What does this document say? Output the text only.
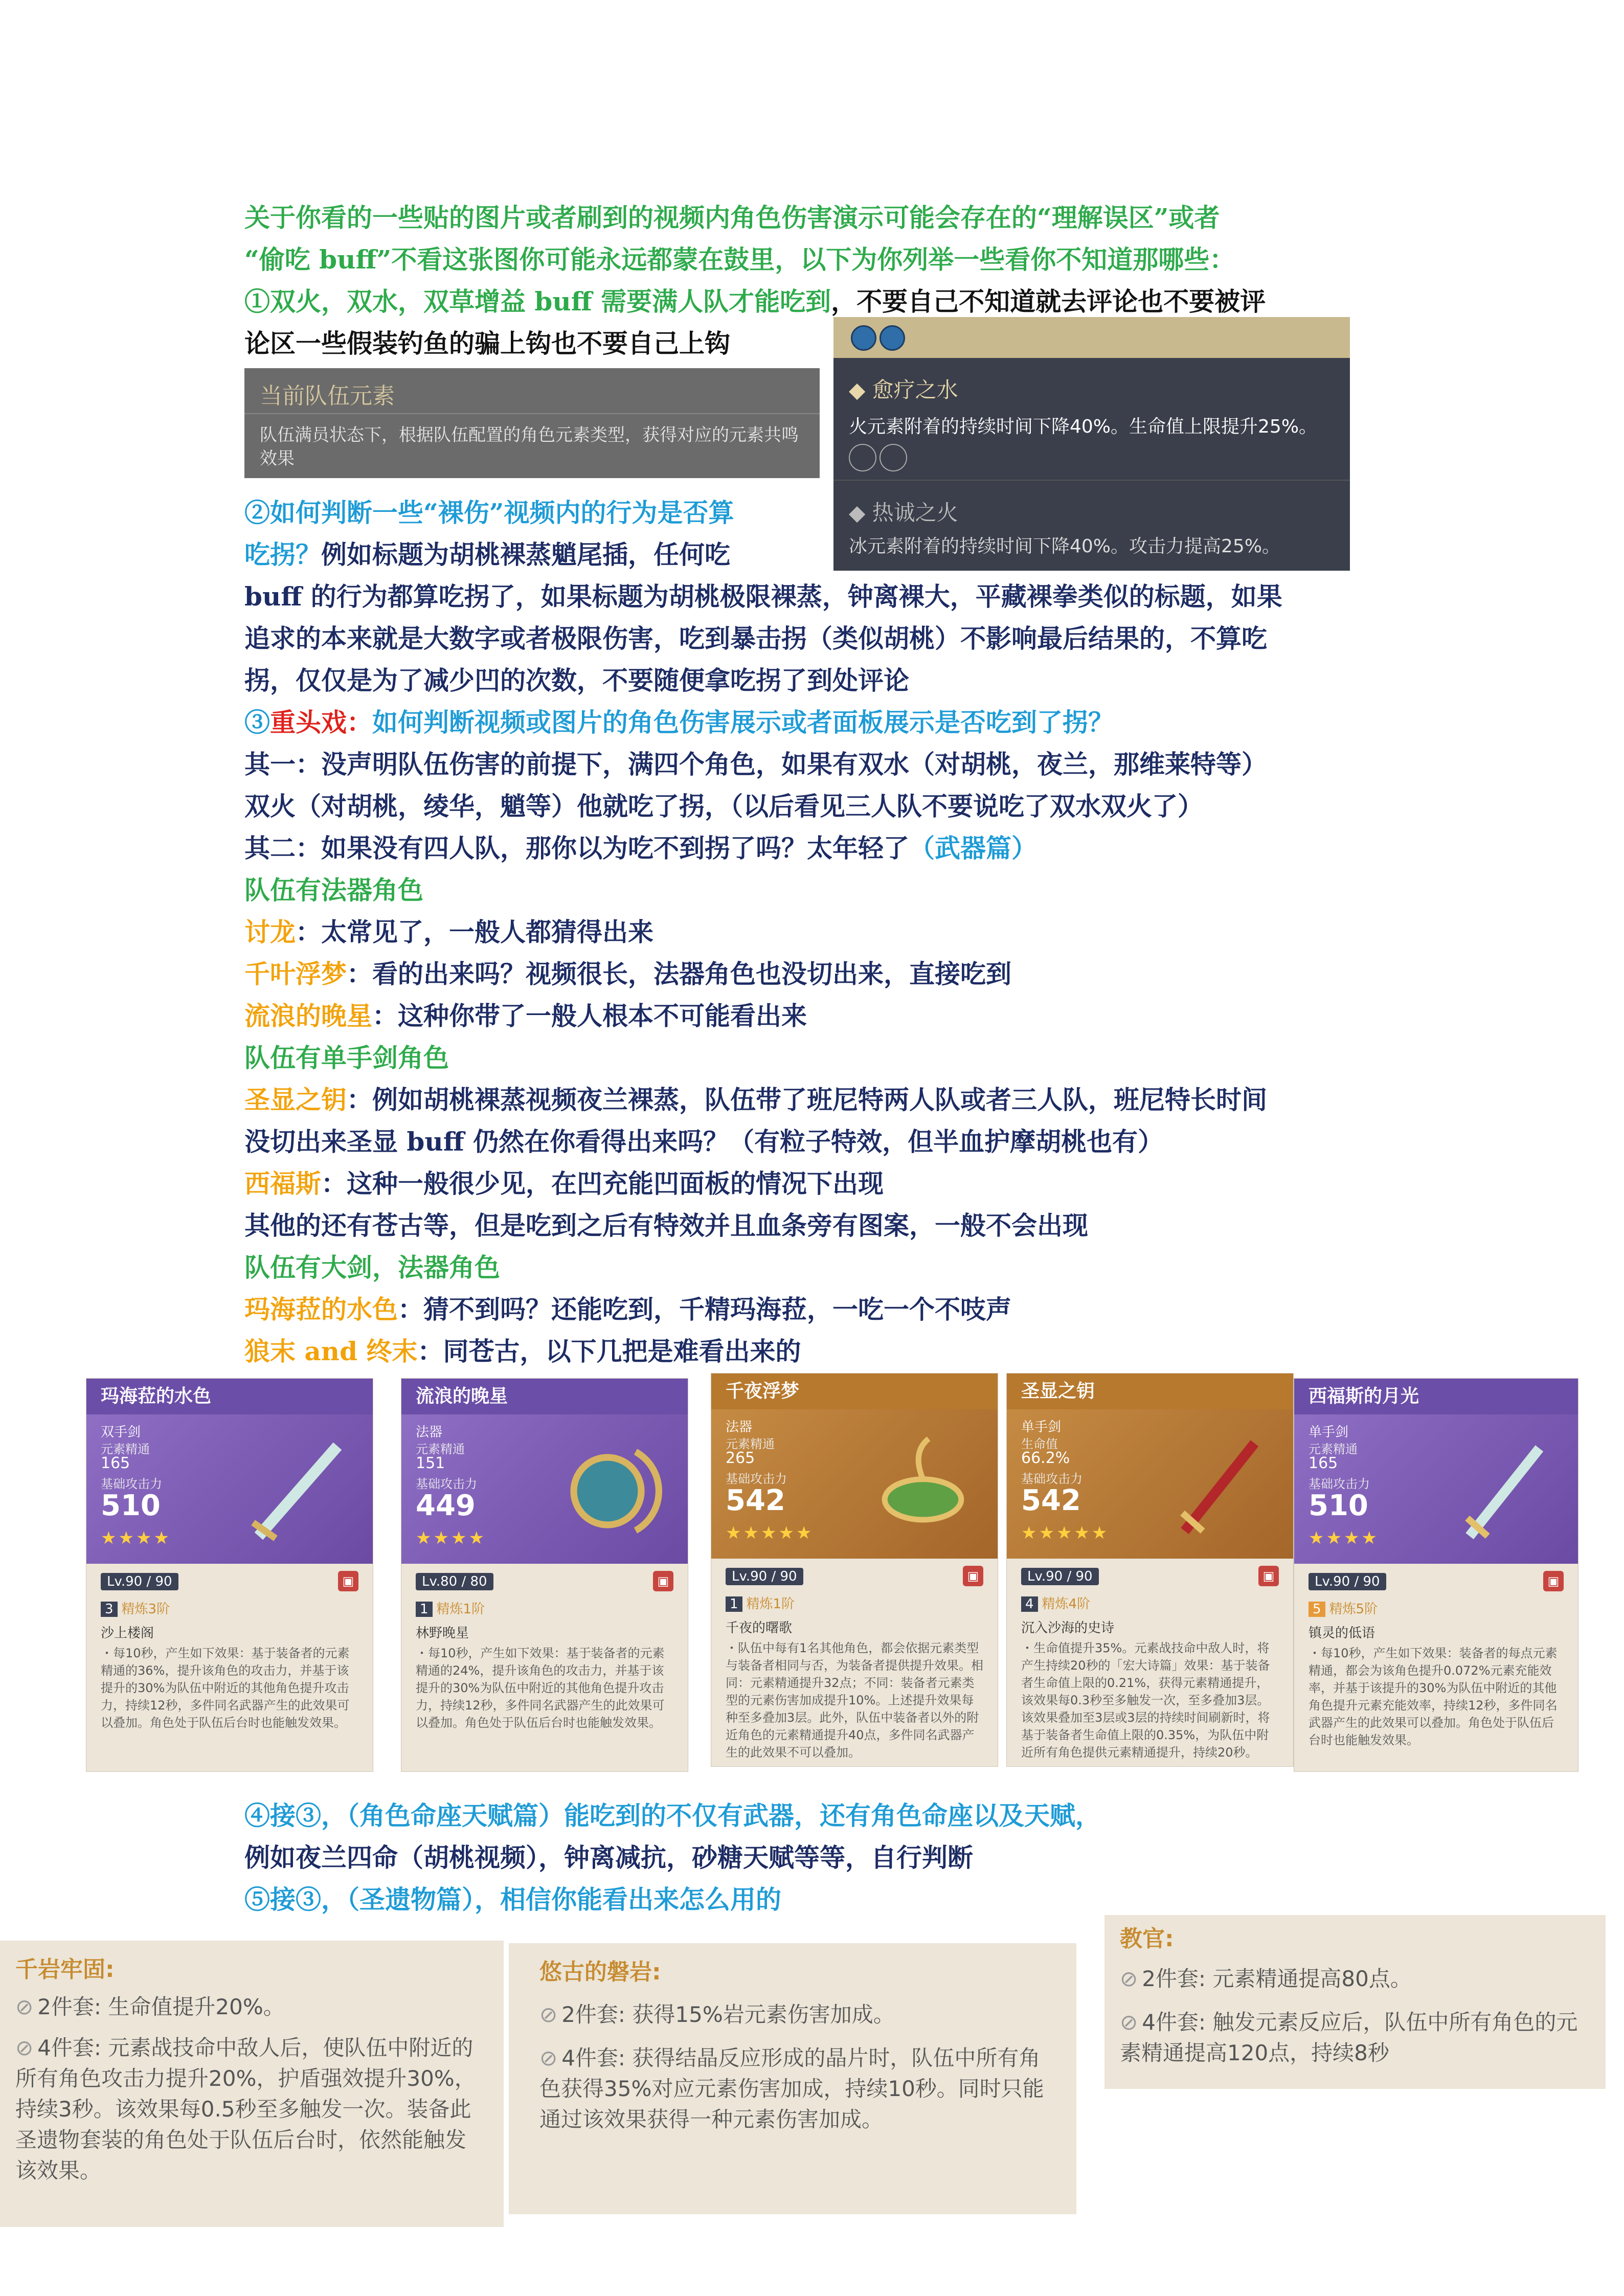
关于你看的一些贴的图片或者刷到的视频内角色伤害演示可能会存在的“理解误区”或者
“偷吃 buff”不看这张图你可能永远都蒙在鼓里，以下为你列举一些看你不知道那哪些：
①双火，双水，双草增益 buff 需要满人队才能吃到，不要自己不知道就去评论也不要被评
论区一些假装钓鱼的骗上钩也不要自己上钩
当前队伍元素
队伍满员状态下，根据队伍配置的角色元素类型，获得对应的元素共鸣效果
◆ 愈疗之水
火元素附着的持续时间下降40%。生命值上限提升25%。
◆ 热诚之火
冰元素附着的持续时间下降40%。攻击力提高25%。
②如何判断一些“裸伤”视频内的行为是否算
吃拐？例如标题为胡桃裸蒸魈尾插，任何吃
buff 的行为都算吃拐了，如果标题为胡桃极限裸蒸，钟离裸大，平藏裸拳类似的标题，如果
追求的本来就是大数字或者极限伤害，吃到暴击拐（类似胡桃）不影响最后结果的，不算吃
拐，仅仅是为了减少凹的次数，不要随便拿吃拐了到处评论
③重头戏：如何判断视频或图片的角色伤害展示或者面板展示是否吃到了拐？
其一：没声明队伍伤害的前提下，满四个角色，如果有双水（对胡桃，夜兰，那维莱特等）
双火（对胡桃，绫华，魈等）他就吃了拐，（以后看见三人队不要说吃了双水双火了）
其二：如果没有四人队，那你以为吃不到拐了吗？太年轻了（武器篇）
队伍有法器角色
讨龙：太常见了，一般人都猜得出来
千叶浮梦：看的出来吗？视频很长，法器角色也没切出来，直接吃到
流浪的晚星：这种你带了一般人根本不可能看出来
队伍有单手剑角色
圣显之钥：例如胡桃裸蒸视频夜兰裸蒸，队伍带了班尼特两人队或者三人队，班尼特长时间
没切出来圣显 buff 仍然在你看得出来吗？（有粒子特效，但半血护摩胡桃也有）
西福斯：这种一般很少见，在凹充能凹面板的情况下出现
其他的还有苍古等，但是吃到之后有特效并且血条旁有图案，一般不会出现
队伍有大剑，法器角色
玛海菈的水色：猜不到吗？还能吃到，千精玛海菈，一吃一个不吱声
狼末 and 终末：同苍古，以下几把是难看出来的
玛海菈的水色
双手剑
元素精通
165
基础攻击力
510
★★★★
Lv.90 / 90	▣
3 精炼3阶
沙上楼阁
・每10秒，产生如下效果：基于装备者的元素精通的36%，提升该角色的攻击力，并基于该提升的30%为队伍中附近的其他角色提升攻击力，持续12秒，多件同名武器产生的此效果可以叠加。角色处于队伍后台时也能触发效果。
流浪的晚星
法器
元素精通
151
基础攻击力
449
★★★★
Lv.80 / 80	▣
1 精炼1阶
林野晚星
・每10秒，产生如下效果：基于装备者的元素精通的24%，提升该角色的攻击力，并基于该提升的30%为队伍中附近的其他角色提升攻击力，持续12秒，多件同名武器产生的此效果可以叠加。角色处于队伍后台时也能触发效果。
千夜浮梦
法器
元素精通
265
基础攻击力
542
★★★★★
Lv.90 / 90	▣
1 精炼1阶
千夜的曙歌
・队伍中每有1名其他角色，都会依据元素类型与装备者相同与否，为装备者提供提升效果。相同：元素精通提升32点；不同：装备者元素类型的元素伤害加成提升10%。上述提升效果每种至多叠加3层。此外，队伍中装备者以外的附近角色的元素精通提升40点，多件同名武器产生的此效果不可以叠加。
圣显之钥
单手剑
生命值
66.2%
基础攻击力
542
★★★★★
Lv.90 / 90	▣
4 精炼4阶
沉入沙海的史诗
・生命值提升35%。元素战技命中敌人时，将产生持续20秒的「宏大诗篇」效果：基于装备者生命值上限的0.21%，获得元素精通提升，该效果每0.3秒至多触发一次，至多叠加3层。该效果叠加至3层或3层的持续时间刷新时，将基于装备者生命值上限的0.35%，为队伍中附近所有角色提供元素精通提升，持续20秒。
西福斯的月光
单手剑
元素精通
165
基础攻击力
510
★★★★
Lv.90 / 90	▣
5 精炼5阶
镇灵的低语
・每10秒，产生如下效果：装备者的每点元素精通，都会为该角色提升0.072%元素充能效率，并基于该提升的30%为队伍中附近的其他角色提升元素充能效率，持续12秒，多件同名武器产生的此效果可以叠加。角色处于队伍后台时也能触发效果。
④接③，（角色命座天赋篇）能吃到的不仅有武器，还有角色命座以及天赋，
例如夜兰四命（胡桃视频），钟离减抗，砂糖天赋等等，自行判断
⑤接③，（圣遗物篇），相信你能看出来怎么用的
千岩牢固:
⊘ 2件套: 生命值提升20%。
⊘ 4件套: 元素战技命中敌人后，使队伍中附近的所有角色攻击力提升20%，护盾强效提升30%，持续3秒。该效果每0.5秒至多触发一次。装备此圣遗物套装的角色处于队伍后台时，依然能触发该效果。
悠古的磐岩:
⊘ 2件套: 获得15%岩元素伤害加成。
⊘ 4件套: 获得结晶反应形成的晶片时，队伍中所有角色获得35%对应元素伤害加成，持续10秒。同时只能通过该效果获得一种元素伤害加成。
教官:
⊘ 2件套: 元素精通提高80点。
⊘ 4件套: 触发元素反应后，队伍中所有角色的元素精通提高120点，持续8秒
